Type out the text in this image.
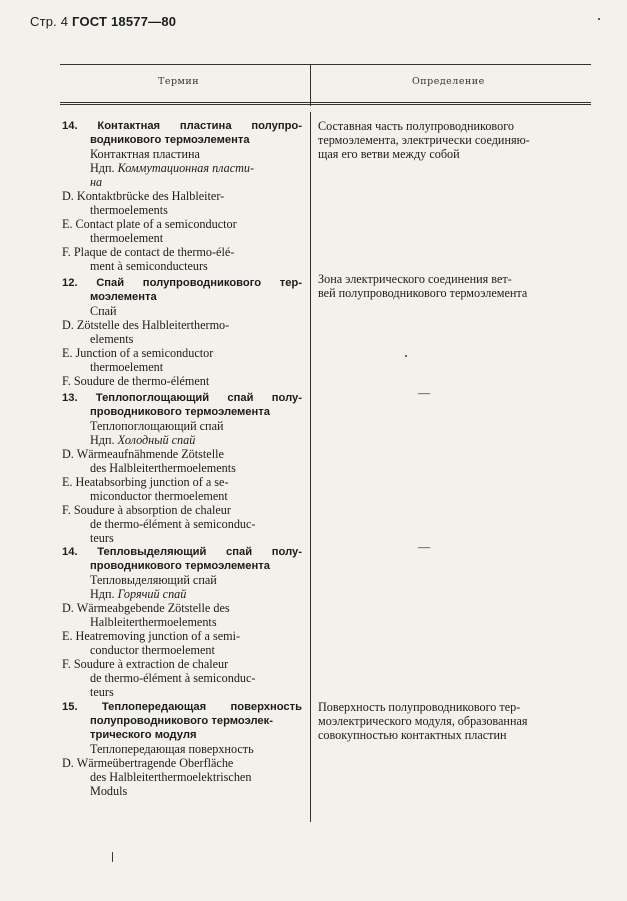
Стр. 4 ГОСТ 18577—80
Термин	Определение
14. Контактная пластина полупро-
водникового термоэлемента
Контактная пластина
Ндп. Коммутационная пласти-
на
D. Kontaktbrücke des Halbleiter-
thermoelements
E. Contact plate of a semiconductor
thermoelement
F. Plaque de contact de thermo-élé-
ment à semiconducteurs
Составная часть полупроводникового
термоэлемента, электрически соединяю-
щая его ветви между собой
12. Спай полупроводникового тер-
моэлемента
Спай
D. Zötstelle des Halbleiterthermo-
elements
E. Junction of a semiconductor
thermoelement
F. Soudure de thermo-élément
Зона электрического соединения вет-
вей полупроводникового термоэлемента
13. Теплопоглощающий спай полу-
проводникового термоэлемента
Теплопоглощающий спай
Ндп. Холодный спай
D. Wärmeaufnähmende Zötstelle
des Halbleiterthermoelements
E. Heatabsorbing junction of a se-
miconductor thermoelement
F. Soudure à absorption de chaleur
de thermo-élément à semiconduc-
teurs
—
14. Тепловыделяющий спай полу-
проводникового термоэлемента
Тепловыделяющий спай
Ндп. Горячий спай
D. Wärmeabgebende Zötstelle des
Halbleiterthermoelements
E. Heatremoving junction of a semi-
conductor thermoelement
F. Soudure à extraction de chaleur
de thermo-élément à semiconduc-
teurs
—
15. Теплопередающая поверхность
полупроводникового термоэлек-
трического модуля
Теплопередающая поверхность
D. Wärmeübertragende Oberfläche
des Halbleiterthermoelektrischen
Moduls
Поверхность полупроводникового тер-
моэлектрического модуля, образованная
совокупностью контактных пластин
